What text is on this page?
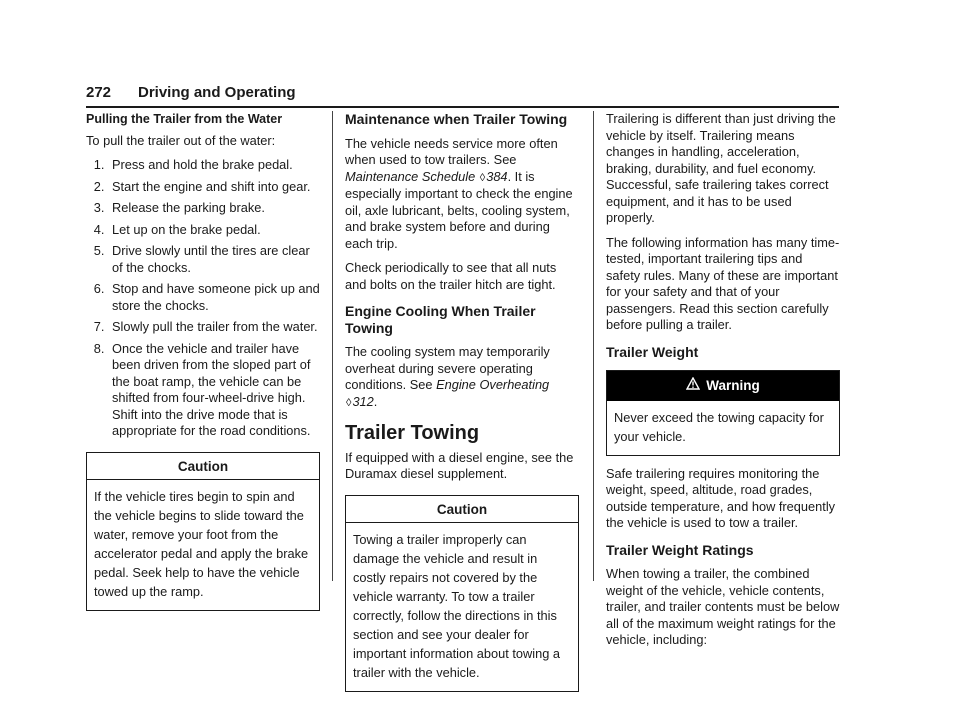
272 Driving and Operating
Pulling the Trailer from the Water

To pull the trailer out of the water:

1. Press and hold the brake pedal.
2. Start the engine and shift into gear.
3. Release the parking brake.
4. Let up on the brake pedal.
5. Drive slowly until the tires are clear of the chocks.
6. Stop and have someone pick up and store the chocks.
7. Slowly pull the trailer from the water.
8. Once the vehicle and trailer have been driven from the sloped part of the boat ramp, the vehicle can be shifted from four-wheel-drive high. Shift into the drive mode that is appropriate for the road conditions.
Caution
If the vehicle tires begin to spin and the vehicle begins to slide toward the water, remove your foot from the accelerator pedal and apply the brake pedal. Seek help to have the vehicle towed up the ramp.
Maintenance when Trailer Towing

The vehicle needs service more often when used to tow trailers. See Maintenance Schedule ◊384. It is especially important to check the engine oil, axle lubricant, belts, cooling system, and brake system before and during each trip.

Check periodically to see that all nuts and bolts on the trailer hitch are tight.

Engine Cooling When Trailer Towing

The cooling system may temporarily overheat during severe operating conditions. See Engine Overheating ◊312.

Trailer Towing

If equipped with a diesel engine, see the Duramax diesel supplement.

Caution
Towing a trailer improperly can damage the vehicle and result in costly repairs not covered by the vehicle warranty. To tow a trailer correctly, follow the directions in this section and see your dealer for important information about towing a trailer with the vehicle.

Trailering is different than just driving the vehicle by itself. Trailering means changes in handling, acceleration, braking, durability, and fuel economy. Successful, safe trailering takes correct equipment, and it has to be used properly.

The following information has many time-tested, important trailering tips and safety rules. Many of these are important for your safety and that of your passengers. Read this section carefully before pulling a trailer.

Trailer Weight
Warning
Never exceed the towing capacity for your vehicle.

Safe trailering requires monitoring the weight, speed, altitude, road grades, outside temperature, and how frequently the vehicle is used to tow a trailer.

Trailer Weight Ratings

When towing a trailer, the combined weight of the vehicle, vehicle contents, trailer, and trailer contents must be below all of the maximum weight ratings for the vehicle, including:
